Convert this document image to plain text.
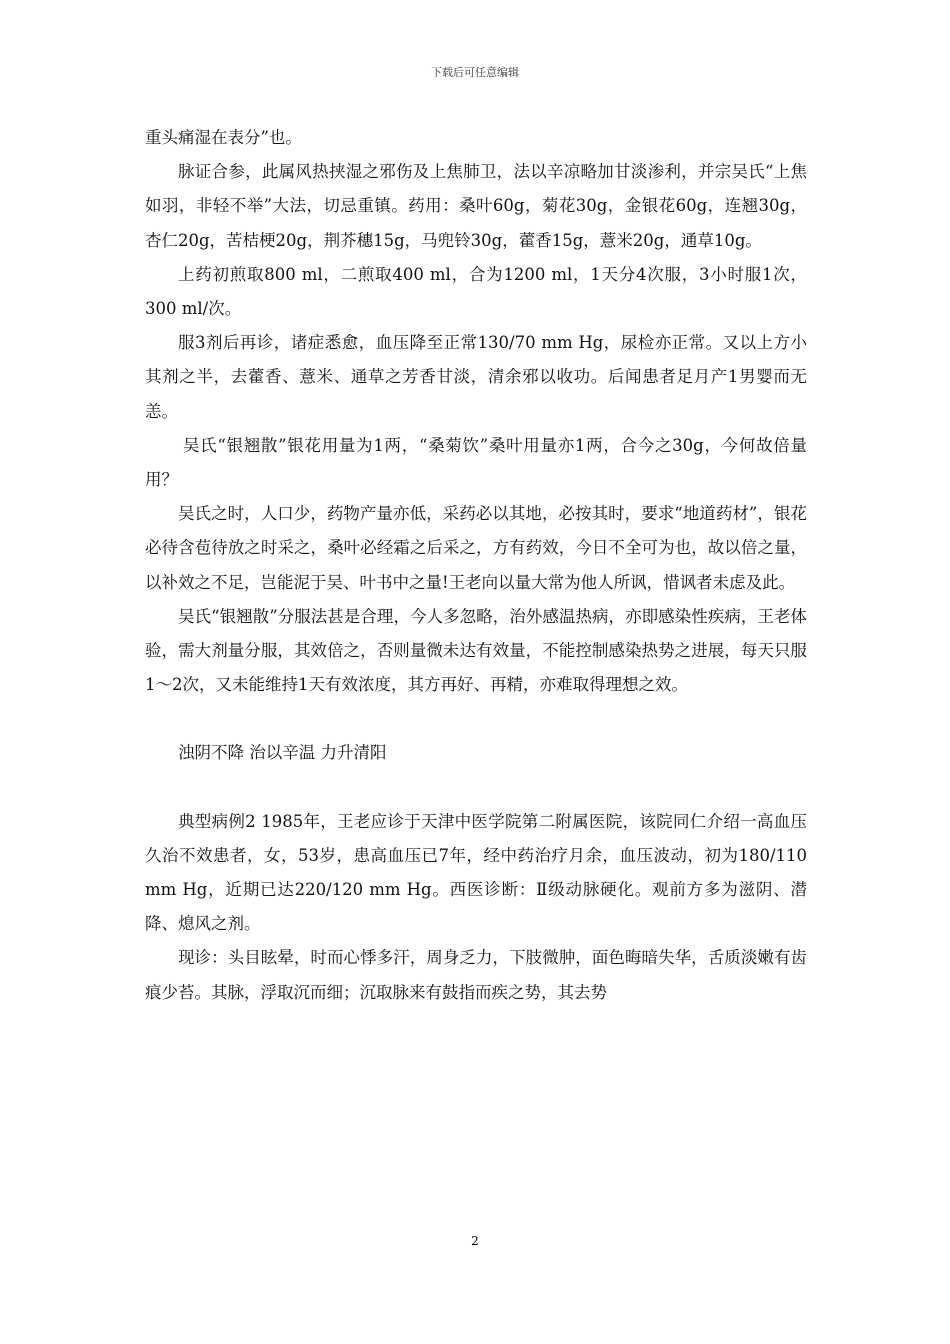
下载后可任意编辑

重头痛湿在表分”也。

脉证合参，此属风热挟湿之邪伤及上焦肺卫，法以辛凉略加甘淡渗利，并宗吴氏“上焦如羽，非轻不举”大法，切忌重镇。药用：桑叶60g，菊花30g，金银花60g，连翘30g，杏仁20g，苦桔梗20g，荆芥穗15g，马兜铃30g，藿香15g，薏米20g，通草10g。

上药初煎取800 ml，二煎取400 ml，合为1200 ml，1天分4次服，3小时服1次，300 ml/次。

服3剂后再诊，诸症悉愈，血压降至正常130/70 mm Hg，尿检亦正常。又以上方小其剂之半，去藿香、薏米、通草之芳香甘淡，清余邪以收功。后闻患者足月产1男婴而无恙。

吴氏“银翘散”银花用量为1两，“桑菊饮”桑叶用量亦1两，合今之30g，今何故倍量用？

吴氏之时，人口少，药物产量亦低，采药必以其地，必按其时，要求“地道药材”，银花必待含苞待放之时采之，桑叶必经霜之后采之，方有药效，今日不全可为也，故以倍之量，以补效之不足，岂能泥于吴、叶书中之量!王老向以量大常为他人所讽，惜讽者未虑及此。

吴氏“银翘散”分服法甚是合理，今人多忽略，治外感温热病，亦即感染性疾病，王老体验，需大剂量分服，其效倍之，否则量微未达有效量，不能控制感染热势之进展，每天只服1～2次，又未能维持1天有效浓度，其方再好、再精，亦难取得理想之效。

浊阴不降 治以辛温 力升清阳

典型病例2 1985年，王老应诊于天津中医学院第二附属医院，该院同仁介绍一高血压久治不效患者，女，53岁，患高血压已7年，经中药治疗月余，血压波动，初为180/110 mm Hg，近期已达220/120 mm Hg。西医诊断：Ⅱ级动脉硬化。观前方多为滋阴、潜降、熄风之剂。

现诊：头目眩晕，时而心悸多汗，周身乏力，下肢微肿，面色晦暗失华，舌质淡嫩有齿痕少苔。其脉，浮取沉而细；沉取脉来有鼓指而疾之势，其去势

2
